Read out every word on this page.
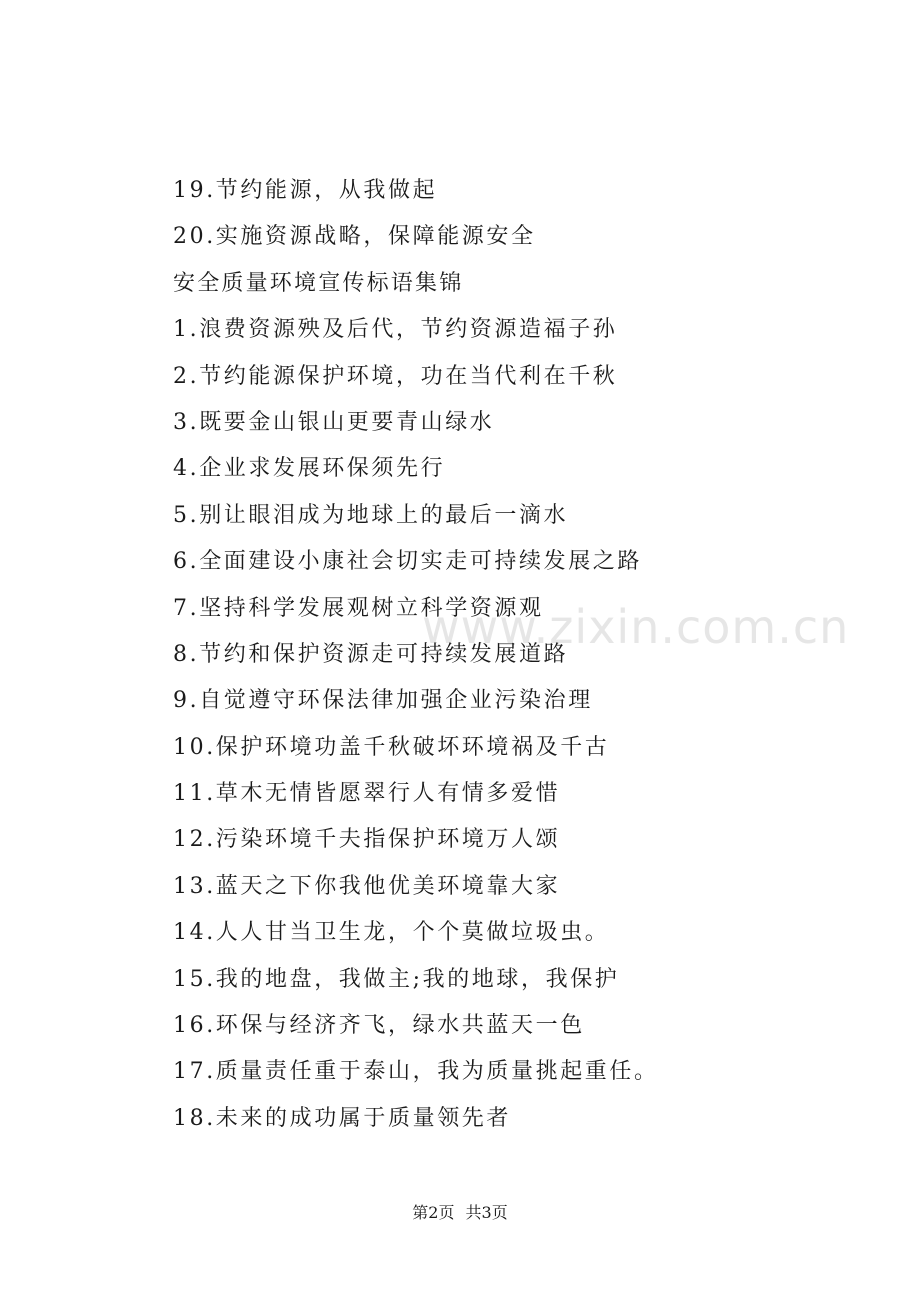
www.zixin.com.cn
19.节约能源，从我做起
20.实施资源战略，保障能源安全
安全质量环境宣传标语集锦
1.浪费资源殃及后代，节约资源造福子孙
2.节约能源保护环境，功在当代利在千秋
3.既要金山银山更要青山绿水
4.企业求发展环保须先行
5.别让眼泪成为地球上的最后一滴水
6.全面建设小康社会切实走可持续发展之路
7.坚持科学发展观树立科学资源观
8.节约和保护资源走可持续发展道路
9.自觉遵守环保法律加强企业污染治理
10.保护环境功盖千秋破坏环境祸及千古
11.草木无情皆愿翠行人有情多爱惜
12.污染环境千夫指保护环境万人颂
13.蓝天之下你我他优美环境靠大家
14.人人甘当卫生龙，个个莫做垃圾虫。
15.我的地盘，我做主;我的地球，我保护
16.环保与经济齐飞，绿水共蓝天一色
17.质量责任重于泰山，我为质量挑起重任。
18.未来的成功属于质量领先者
第2页 共3页
